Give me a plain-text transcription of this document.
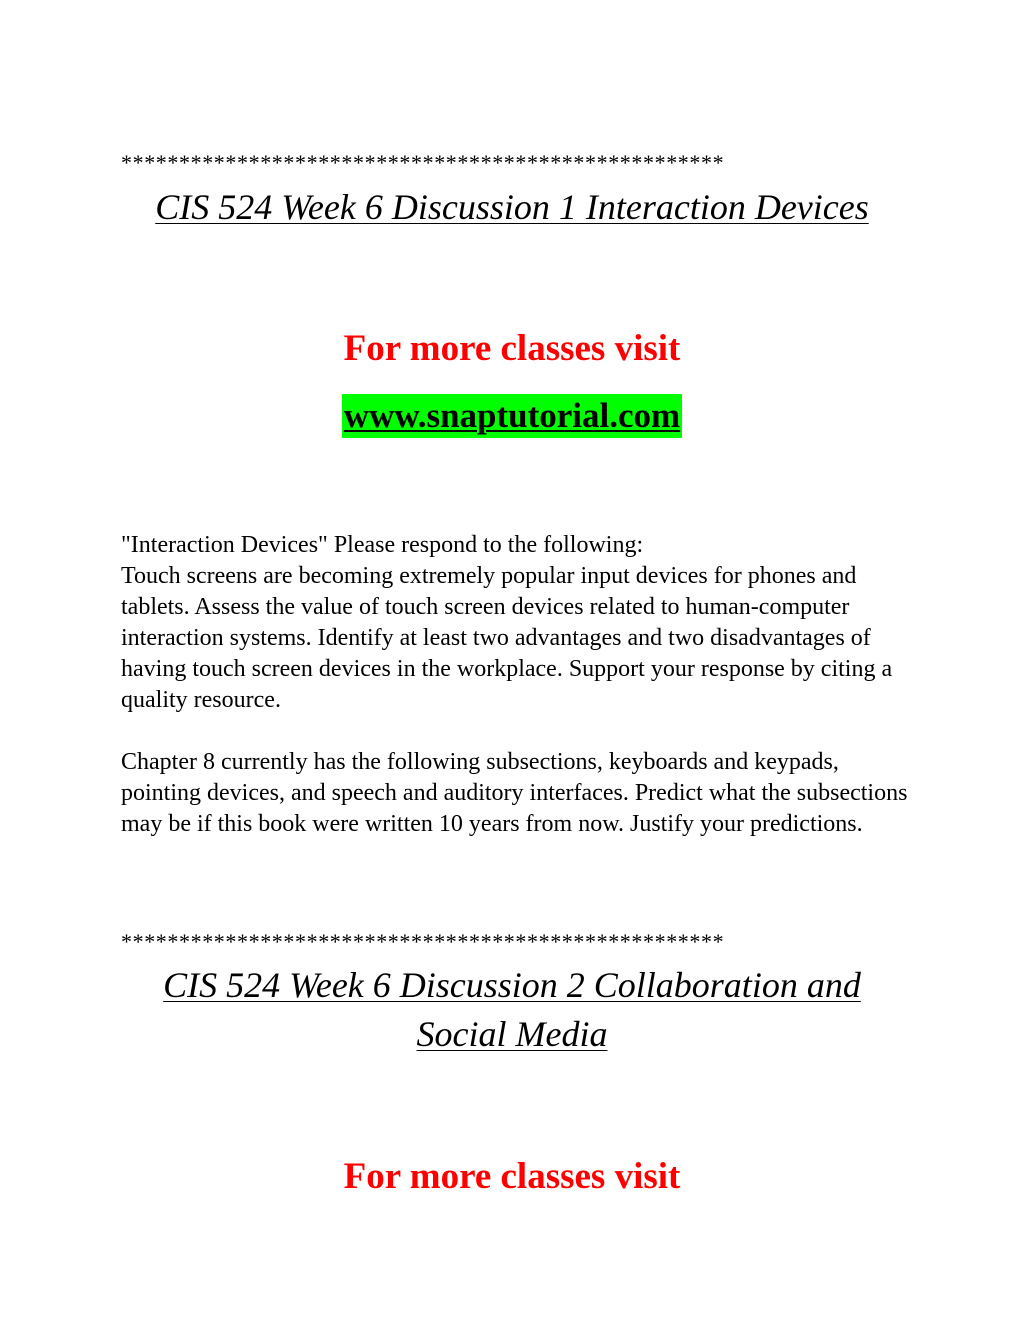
****************************************************
CIS 524 Week 6 Discussion 1 Interaction Devices
For more classes visit
www.snaptutorial.com

"Interaction Devices" Please respond to the following:

Touch screens are becoming extremely popular input devices for phones and tablets. Assess the value of touch screen devices related to human-computer interaction systems. Identify at least two advantages and two disadvantages of having touch screen devices in the workplace. Support your response by citing a quality resource.

Chapter 8 currently has the following subsections, keyboards and keypads, pointing devices, and speech and auditory interfaces. Predict what the subsections may be if this book were written 10 years from now. Justify your predictions.

****************************************************
CIS 524 Week 6 Discussion 2 Collaboration and
Social Media
For more classes visit
